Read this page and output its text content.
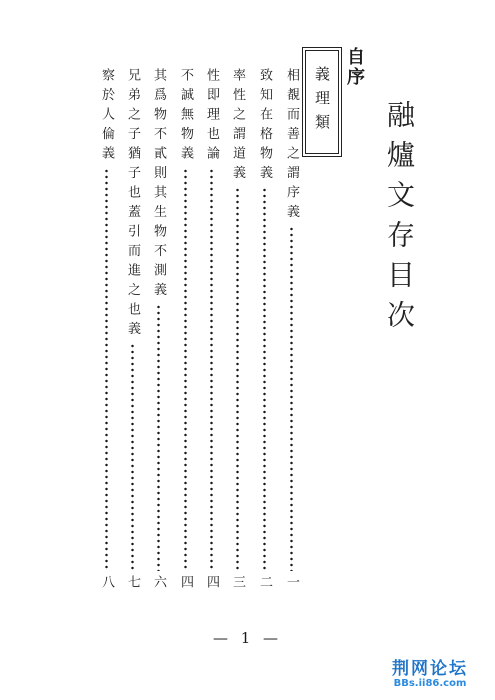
融爐文存目次
自序
義理類
相覩而善之謂序義
一
致知在格物義
二
率性之謂道義
三
性即理也論
四
不誠無物義
四
其爲物不貳則其生物不測義
六
兄弟之子猶子也蓋引而進之也義
七
察於人倫義
八
— 1 —
荆网论坛
BBs.ii86.com
